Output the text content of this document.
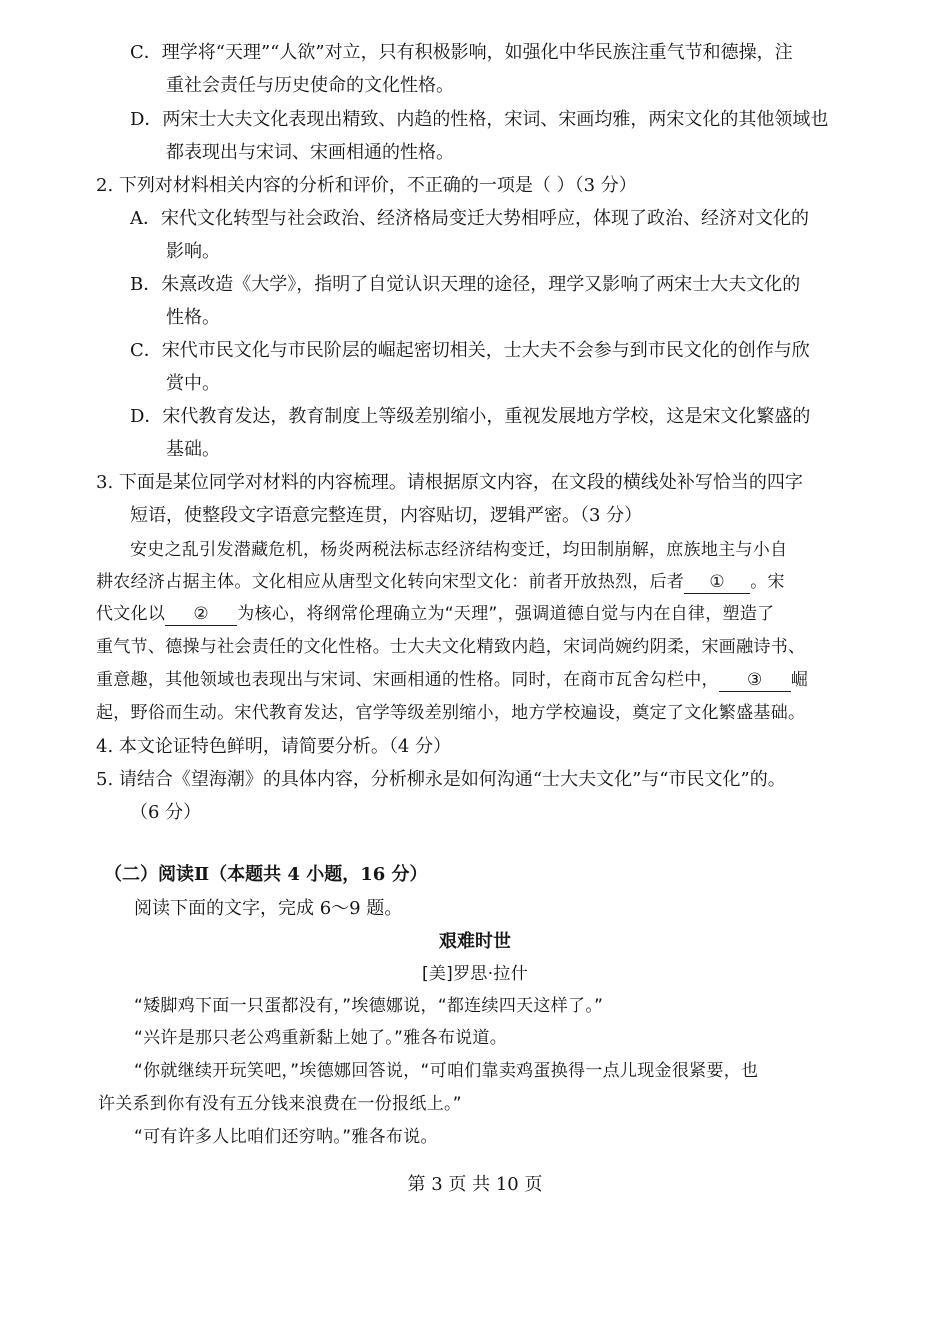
C．理学将“天理”“人欲”对立，只有积极影响，如强化中华民族注重气节和德操，注
重社会责任与历史使命的文化性格。
D．两宋士大夫文化表现出精致、内趋的性格，宋词、宋画均雅，两宋文化的其他领域也
都表现出与宋词、宋画相通的性格。
2. 下列对材料相关内容的分析和评价，不正确的一项是（ ）（3 分）
A．宋代文化转型与社会政治、经济格局变迁大势相呼应，体现了政治、经济对文化的
影响。
B．朱熹改造《大学》，指明了自觉认识天理的途径，理学又影响了两宋士大夫文化的
性格。
C．宋代市民文化与市民阶层的崛起密切相关，士大夫不会参与到市民文化的创作与欣
赏中。
D．宋代教育发达，教育制度上等级差别缩小，重视发展地方学校，这是宋文化繁盛的
基础。
3. 下面是某位同学对材料的内容梳理。请根据原文内容，在文段的横线处补写恰当的四字
短语，使整段文字语意完整连贯，内容贴切，逻辑严密。（3 分）
安史之乱引发潜藏危机，杨炎两税法标志经济结构变迁，均田制崩解，庶族地主与小自
耕农经济占据主体。文化相应从唐型文化转向宋型文化：前者开放热烈，后者 ① 。宋
代文化以 ② 为核心，将纲常伦理确立为“天理”，强调道德自觉与内在自律，塑造了
重气节、德操与社会责任的文化性格。士大夫文化精致内趋，宋词尚婉约阴柔，宋画融诗书、
重意趣，其他领域也表现出与宋词、宋画相通的性格。同时，在商市瓦舍勾栏中， ③ 崛
起，野俗而生动。宋代教育发达，官学等级差别缩小，地方学校遍设，奠定了文化繁盛基础。
4. 本文论证特色鲜明，请简要分析。（4 分）
5. 请结合《望海潮》的具体内容，分析柳永是如何沟通“士大夫文化”与“市民文化”的。
（6 分）
（二）阅读Ⅱ（本题共 4 小题，16 分）
阅读下面的文字，完成 6～9 题。
艰难时世
[美]罗思·拉什
“矮脚鸡下面一只蛋都没有，”埃德娜说，“都连续四天这样了。”
“兴许是那只老公鸡重新黏上她了。”雅各布说道。
“你就继续开玩笑吧，”埃德娜回答说，“可咱们靠卖鸡蛋换得一点儿现金很紧要，也
许关系到你有没有五分钱来浪费在一份报纸上。”
“可有许多人比咱们还穷呐。”雅各布说。
第 3 页 共 10 页
